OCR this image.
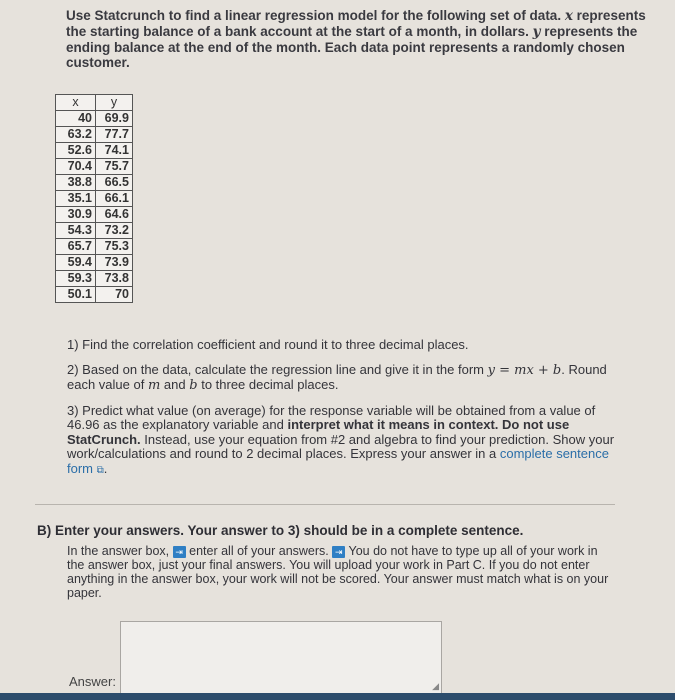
Use Statcrunch to find a linear regression model for the following set of data. x represents the starting balance of a bank account at the start of a month, in dollars. y represents the ending balance at the end of the month. Each data point represents a randomly chosen customer.
x	y
40	69.9
63.2	77.7
52.6	74.1
70.4	75.7
38.8	66.5
35.1	66.1
30.9	64.6
54.3	73.2
65.7	75.3
59.4	73.9
59.3	73.8
50.1	70

1) Find the correlation coefficient and round it to three decimal places.

2) Based on the data, calculate the regression line and give it in the form y = mx + b. Round each value of m and b to three decimal places.

3) Predict what value (on average) for the response variable will be obtained from a value of 46.96 as the explanatory variable and interpret what it means in context. Do not use StatCrunch. Instead, use your equation from #2 and algebra to find your prediction. Show your work/calculations and round to 2 decimal places. Express your answer in a complete sentence form ⧉.

B) Enter your answers. Your answer to 3) should be in a complete sentence.
In the answer box, ⇥ enter all of your answers. ⇥ You do not have to type up all of your work in the answer box, just your final answers. You will upload your work in Part C. If you do not enter anything in the answer box, your work will not be scored. Your answer must match what is on your paper.
Answer:	◢
